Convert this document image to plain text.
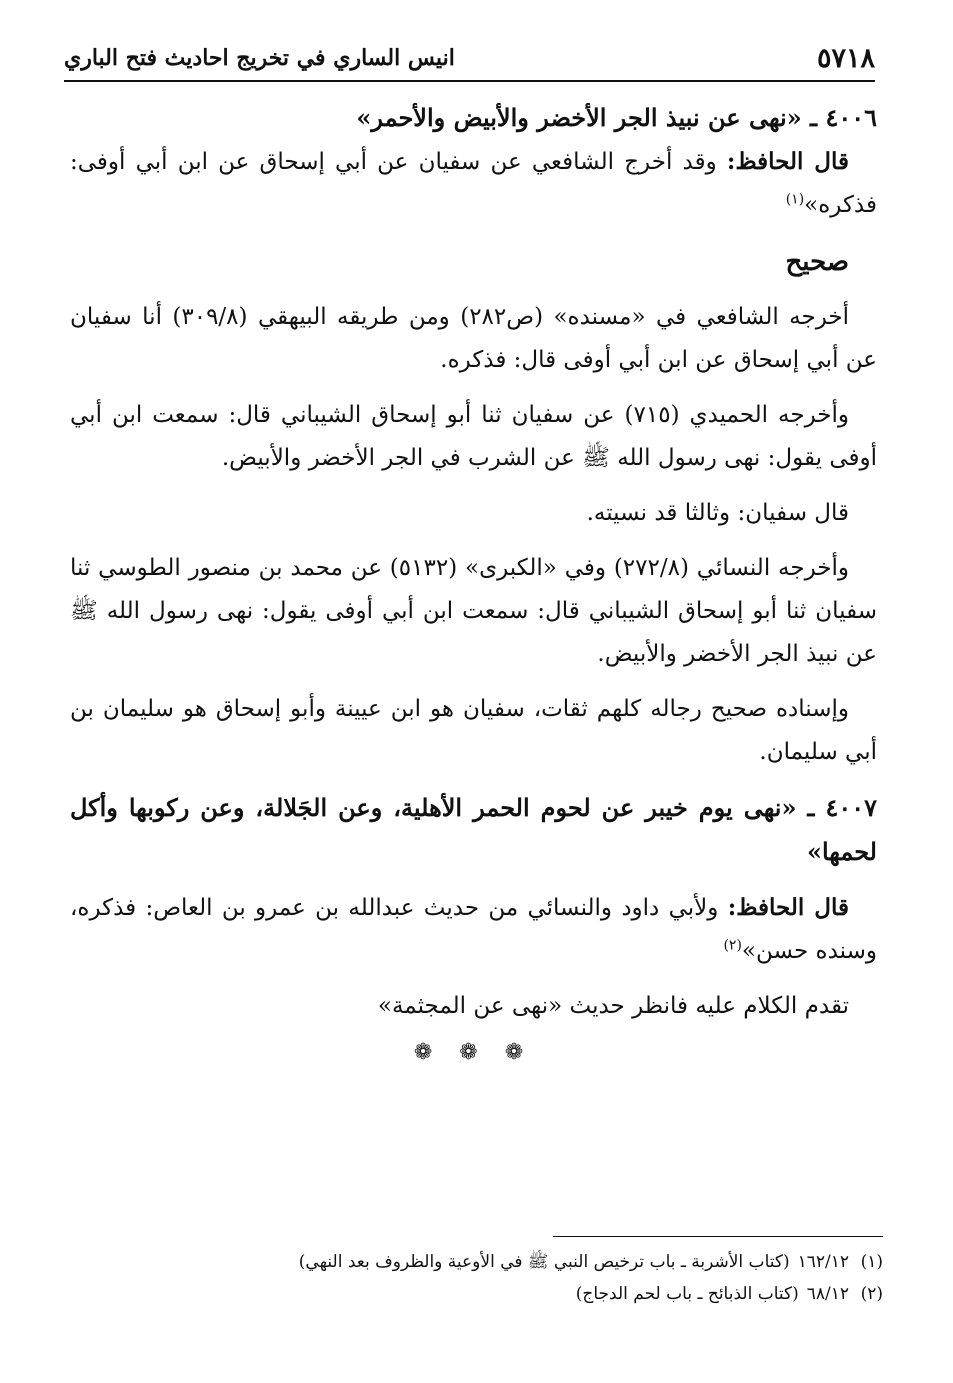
٥٧١٨
انيس الساري في تخريج احاديث فتح الباري

٤٠٠٦ ـ «نهى عن نبيذ الجر الأخضر والأبيض والأحمر»

قال الحافظ: وقد أخرج الشافعي عن سفيان عن أبي إسحاق عن ابن أبي أوفى: فذكره»$^{(١)}$

صحيح

أخرجه الشافعي في «مسنده» (ص٢٨٢) ومن طريقه البيهقي (٣٠٩/٨) أنا سفيان عن أبي إسحاق عن ابن أبي أوفى قال: فذكره.

وأخرجه الحميدي (٧١٥) عن سفيان ثنا أبو إسحاق الشيباني قال: سمعت ابن أبي أوفى يقول: نهى رسول الله ﷺ عن الشرب في الجر الأخضر والأبيض.

قال سفيان: وثالثا قد نسيته.

وأخرجه النسائي (٢٧٢/٨) وفي «الكبرى» (٥١٣٢) عن محمد بن منصور الطوسي ثنا سفيان ثنا أبو إسحاق الشيباني قال: سمعت ابن أبي أوفى يقول: نهى رسول الله ﷺ عن نبيذ الجر الأخضر والأبيض.

وإسناده صحيح رجاله كلهم ثقات، سفيان هو ابن عيينة وأبو إسحاق هو سليمان بن أبي سليمان.

٤٠٠٧ ـ «نهى يوم خيبر عن لحوم الحمر الأهلية، وعن الجَلالة، وعن ركوبها وأكل لحمها»

قال الحافظ: ولأبي داود والنسائي من حديث عبدالله بن عمرو بن العاص: فذكره، وسنده حسن»$^{(٢)}$

تقدم الكلام عليه فانظر حديث «نهى عن المجثمة»

❁ ❁ ❁
(١)١٦٢/١٢(كتاب الأشربة ـ باب ترخيص النبي ﷺ في الأوعية والظروف بعد النهي)
(٢)٦٨/١٢(كتاب الذبائح ـ باب لحم الدجاج)
